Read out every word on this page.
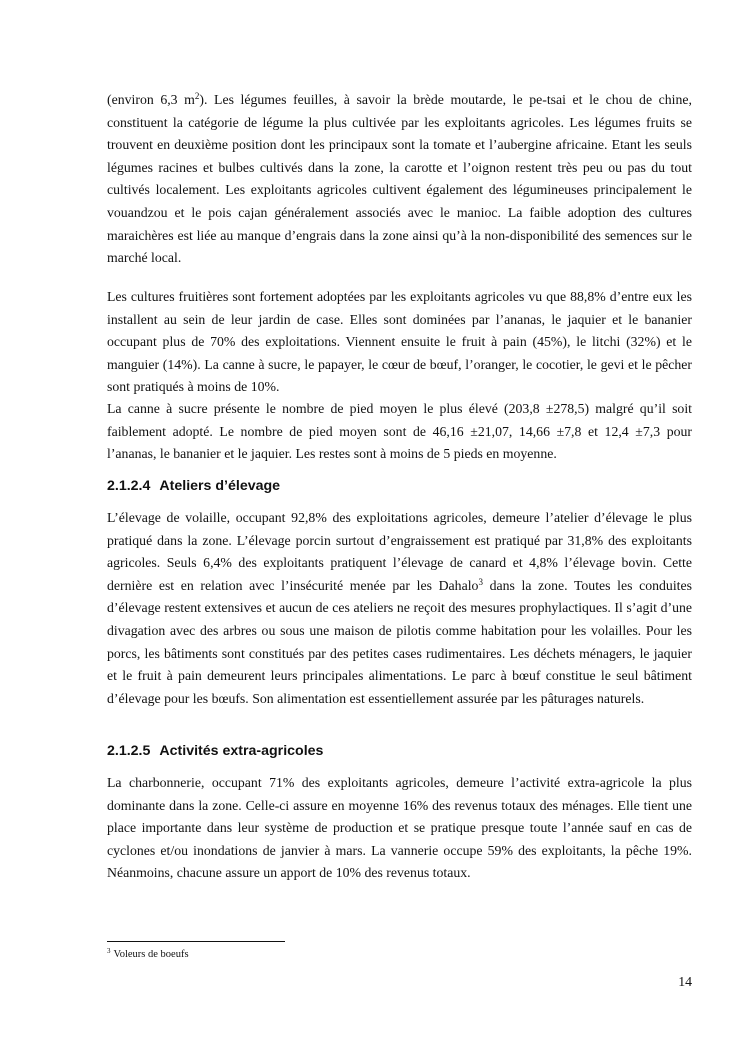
(environ 6,3 $m^2$). Les légumes feuilles, à savoir la brède moutarde, le pe-tsai et le chou de chine, constituent la catégorie de légume la plus cultivée par les exploitants agricoles. Les légumes fruits se trouvent en deuxième position dont les principaux sont la tomate et l’aubergine africaine. Etant les seuls légumes racines et bulbes cultivés dans la zone, la carotte et l’oignon restent très peu ou pas du tout cultivés localement. Les exploitants agricoles cultivent également des légumineuses principalement le vouandzou et le pois cajan généralement associés avec le manioc. La faible adoption des cultures maraichères est liée au manque d’engrais dans la zone ainsi qu’à la non-disponibilité des semences sur le marché local.

Les cultures fruitières sont fortement adoptées par les exploitants agricoles vu que 88,8% d’entre eux les installent au sein de leur jardin de case. Elles sont dominées par l’ananas, le jaquier et le bananier occupant plus de 70% des exploitations. Viennent ensuite le fruit à pain (45%), le litchi (32%) et le manguier (14%). La canne à sucre, le papayer, le cœur de bœuf, l’oranger, le cocotier, le gevi et le pêcher sont pratiqués à moins de 10%.

La canne à sucre présente le nombre de pied moyen le plus élevé (203,8 ±278,5) malgré qu’il soit faiblement adopté. Le nombre de pied moyen sont de 46,16 ±21,07, 14,66 ±7,8 et 12,4 ±7,3 pour l’ananas, le bananier et le jaquier. Les restes sont à moins de 5 pieds en moyenne.

2.1.2.4 Ateliers d’élevage

L’élevage de volaille, occupant 92,8% des exploitations agricoles, demeure l’atelier d’élevage le plus pratiqué dans la zone. L’élevage porcin surtout d’engraissement est pratiqué par 31,8% des exploitants agricoles. Seuls 6,4% des exploitants pratiquent l’élevage de canard et 4,8% l’élevage bovin. Cette dernière est en relation avec l’insécurité menée par les Dahalo$^3$ dans la zone. Toutes les conduites d’élevage restent extensives et aucun de ces ateliers ne reçoit des mesures prophylactiques. Il s’agit d’une divagation avec des arbres ou sous une maison de pilotis comme habitation pour les volailles. Pour les porcs, les bâtiments sont constitués par des petites cases rudimentaires. Les déchets ménagers, le jaquier et le fruit à pain demeurent leurs principales alimentations. Le parc à bœuf constitue le seul bâtiment d’élevage pour les bœufs. Son alimentation est essentiellement assurée par les pâturages naturels.

2.1.2.5 Activités extra-agricoles

La charbonnerie, occupant 71% des exploitants agricoles, demeure l’activité extra-agricole la plus dominante dans la zone. Celle-ci assure en moyenne 16% des revenus totaux des ménages. Elle tient une place importante dans leur système de production et se pratique presque toute l’année sauf en cas de cyclones et/ou inondations de janvier à mars. La vannerie occupe 59% des exploitants, la pêche 19%. Néanmoins, chacune assure un apport de 10% des revenus totaux.

$^3$ Voleurs de boeufs

14
